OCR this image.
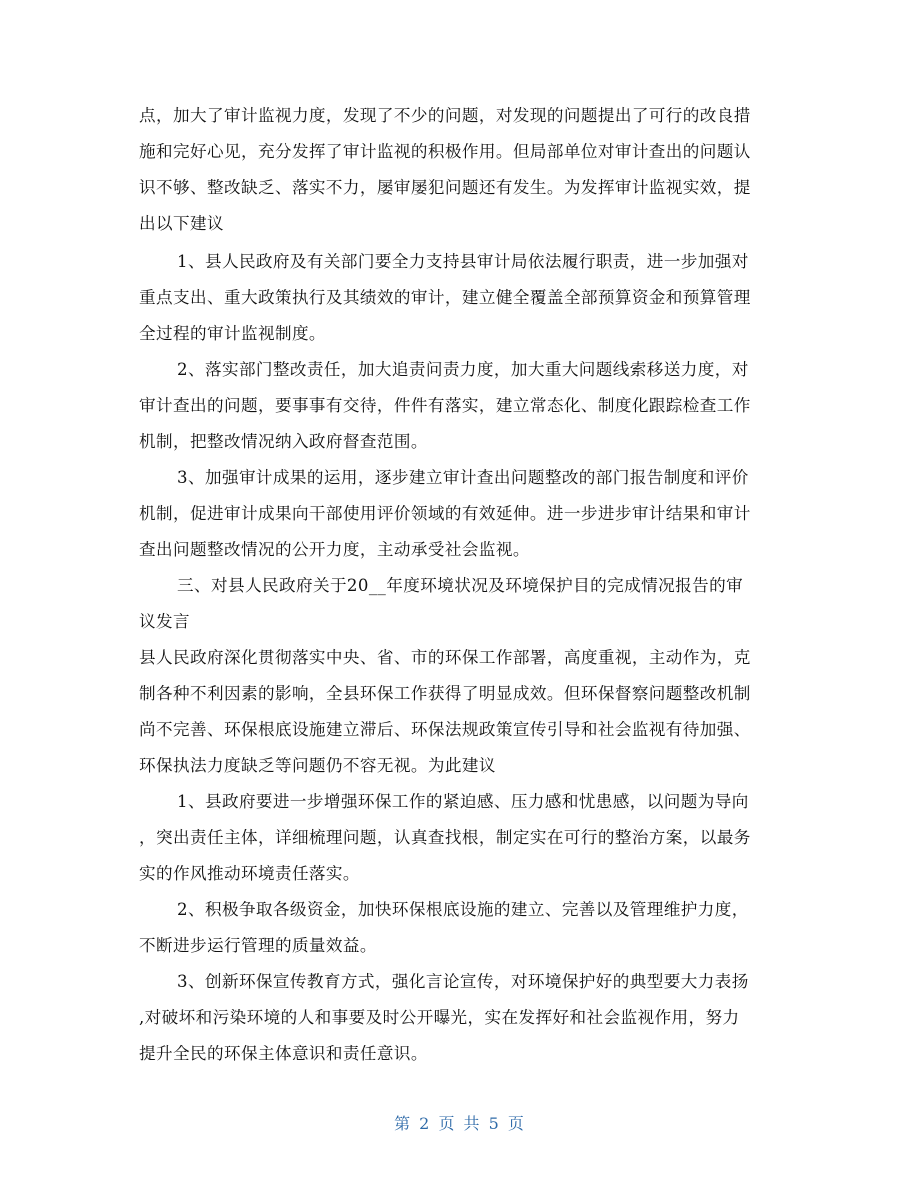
点，加大了审计监视力度，发现了不少的问题，对发现的问题提出了可行的改良措
施和完好心见，充分发挥了审计监视的积极作用。但局部单位对审计查出的问题认
识不够、整改缺乏、落实不力，屡审屡犯问题还有发生。为发挥审计监视实效，提
出以下建议
1、县人民政府及有关部门要全力支持县审计局依法履行职责，进一步加强对
重点支出、重大政策执行及其绩效的审计，建立健全覆盖全部预算资金和预算管理
全过程的审计监视制度。
2、落实部门整改责任，加大追责问责力度，加大重大问题线索移送力度，对
审计查出的问题，要事事有交待，件件有落实，建立常态化、制度化跟踪检查工作
机制，把整改情况纳入政府督查范围。
3、加强审计成果的运用，逐步建立审计查出问题整改的部门报告制度和评价
机制，促进审计成果向干部使用评价领域的有效延伸。进一步进步审计结果和审计
查出问题整改情况的公开力度，主动承受社会监视。
三、对县人民政府关于20__年度环境状况及环境保护目的完成情况报告的审
议发言
县人民政府深化贯彻落实中央、省、市的环保工作部署，高度重视，主动作为，克
制各种不利因素的影响，全县环保工作获得了明显成效。但环保督察问题整改机制
尚不完善、环保根底设施建立滞后、环保法规政策宣传引导和社会监视有待加强、
环保执法力度缺乏等问题仍不容无视。为此建议
1、县政府要进一步增强环保工作的紧迫感、压力感和忧患感，以问题为导向
，突出责任主体，详细梳理问题，认真查找根，制定实在可行的整治方案，以最务
实的作风推动环境责任落实。
2、积极争取各级资金，加快环保根底设施的建立、完善以及管理维护力度，
不断进步运行管理的质量效益。
3、创新环保宣传教育方式，强化言论宣传，对环境保护好的典型要大力表扬
,对破坏和污染环境的人和事要及时公开曝光，实在发挥好和社会监视作用，努力
提升全民的环保主体意识和责任意识。
第 2 页 共 5 页
